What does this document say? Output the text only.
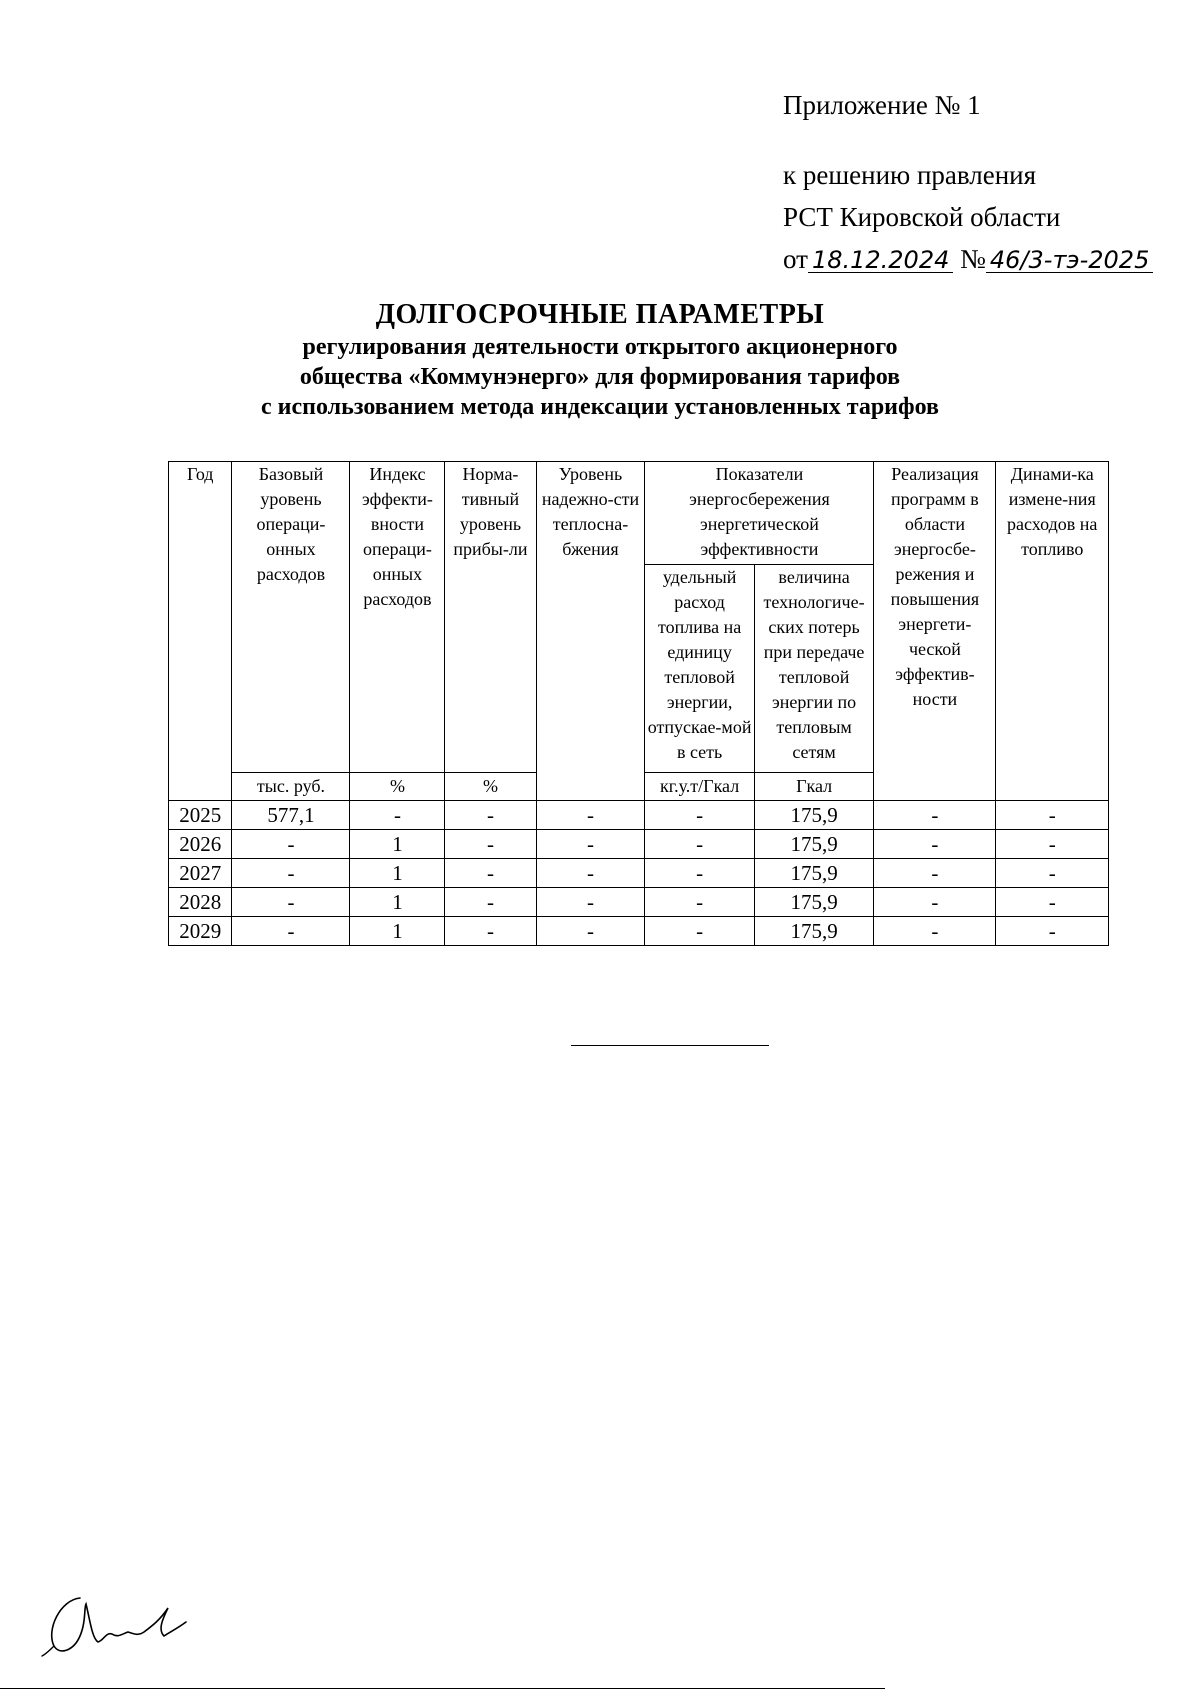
Приложение № 1
к решению правления
РСТ Кировской области
от 18.12.2024 № 46/3-тэ-2025
ДОЛГОСРОЧНЫЕ ПАРАМЕТРЫ
регулирования деятельности открытого акционерного
общества «Коммунэнерго» для формирования тарифов
с использованием метода индексации установленных тарифов
Год	Базовый уровень операци-онных расходов	Индекс эффекти-вности операци-онных расходов	Норма-тивный уровень прибы-ли	Уровень надежно-сти теплосна-бжения	Показатели энергосбережения энергетической эффективности		Реализация программ в области энергосбе-режения и повышения энергети-ческой эффектив-ности	Динами-ка измене-ния расходов на топливо
					удельный расход топлива на единицу тепловой энергии, отпускае-мой в сеть	величина технологиче-ских потерь при передаче тепловой энергии по тепловым сетям		
	тыс. руб.	%	%		кг.у.т/Гкал	Гкал		
2025	577,1	-	-	-	-	175,9	-	-
2026	-	1	-	-	-	175,9	-	-
2027	-	1	-	-	-	175,9	-	-
2028	-	1	-	-	-	175,9	-	-
2029	-	1	-	-	-	175,9	-	-
